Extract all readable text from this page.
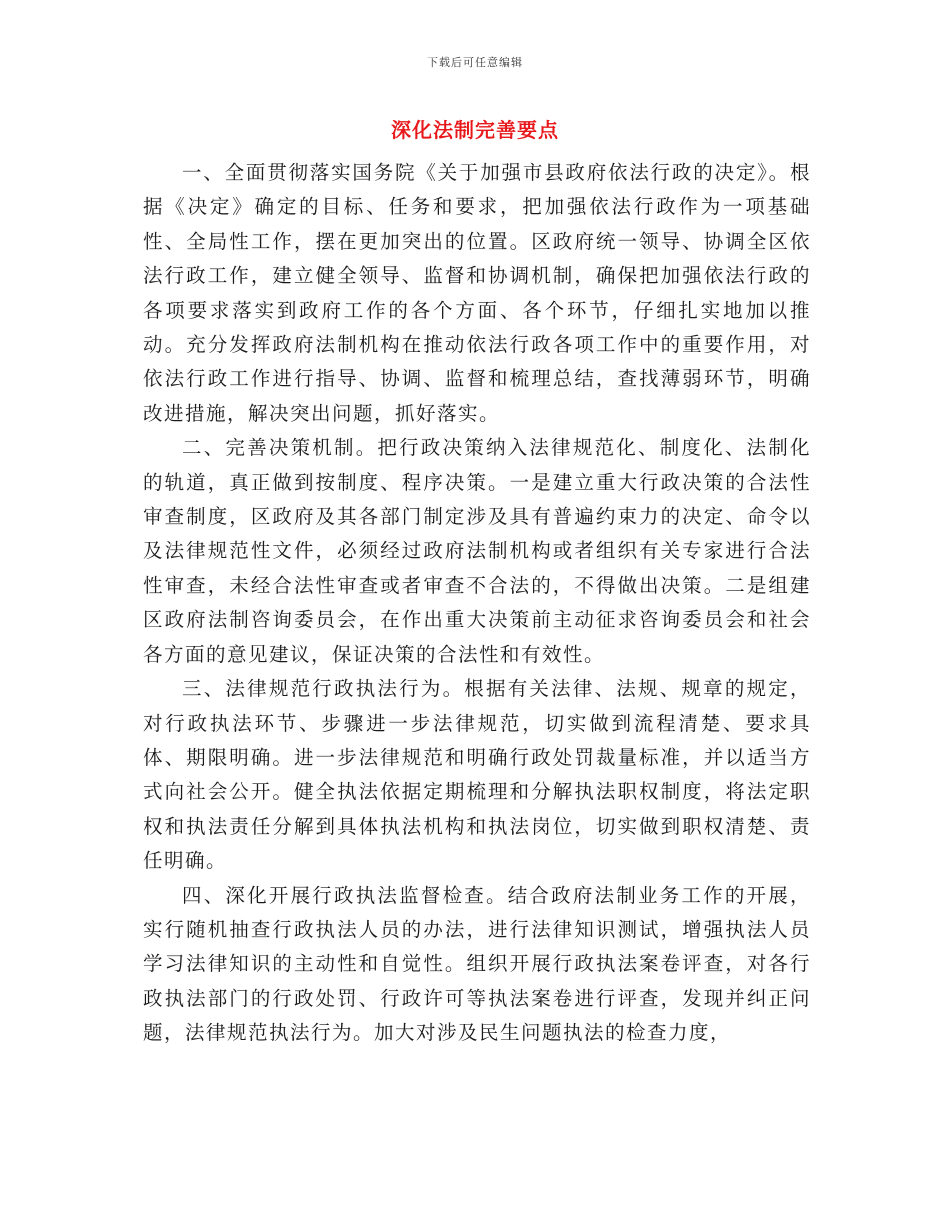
下载后可任意编辑
深化法制完善要点

一、全面贯彻落实国务院《关于加强市县政府依法行政的决定》。根据《决定》确定的目标、任务和要求，把加强依法行政作为一项基础性、全局性工作，摆在更加突出的位置。区政府统一领导、协调全区依法行政工作，建立健全领导、监督和协调机制，确保把加强依法行政的各项要求落实到政府工作的各个方面、各个环节，仔细扎实地加以推动。充分发挥政府法制机构在推动依法行政各项工作中的重要作用，对依法行政工作进行指导、协调、监督和梳理总结，查找薄弱环节，明确改进措施，解决突出问题，抓好落实。

二、完善决策机制。把行政决策纳入法律规范化、制度化、法制化的轨道，真正做到按制度、程序决策。一是建立重大行政决策的合法性审查制度，区政府及其各部门制定涉及具有普遍约束力的决定、命令以及法律规范性文件，必须经过政府法制机构或者组织有关专家进行合法性审查，未经合法性审查或者审查不合法的，不得做出决策。二是组建区政府法制咨询委员会，在作出重大决策前主动征求咨询委员会和社会各方面的意见建议，保证决策的合法性和有效性。

三、法律规范行政执法行为。根据有关法律、法规、规章的规定，对行政执法环节、步骤进一步法律规范，切实做到流程清楚、要求具体、期限明确。进一步法律规范和明确行政处罚裁量标准，并以适当方式向社会公开。健全执法依据定期梳理和分解执法职权制度，将法定职权和执法责任分解到具体执法机构和执法岗位，切实做到职权清楚、责任明确。

四、深化开展行政执法监督检查。结合政府法制业务工作的开展，实行随机抽查行政执法人员的办法，进行法律知识测试，增强执法人员学习法律知识的主动性和自觉性。组织开展行政执法案卷评查，对各行政执法部门的行政处罚、行政许可等执法案卷进行评查，发现并纠正问题，法律规范执法行为。加大对涉及民生问题执法的检查力度，
